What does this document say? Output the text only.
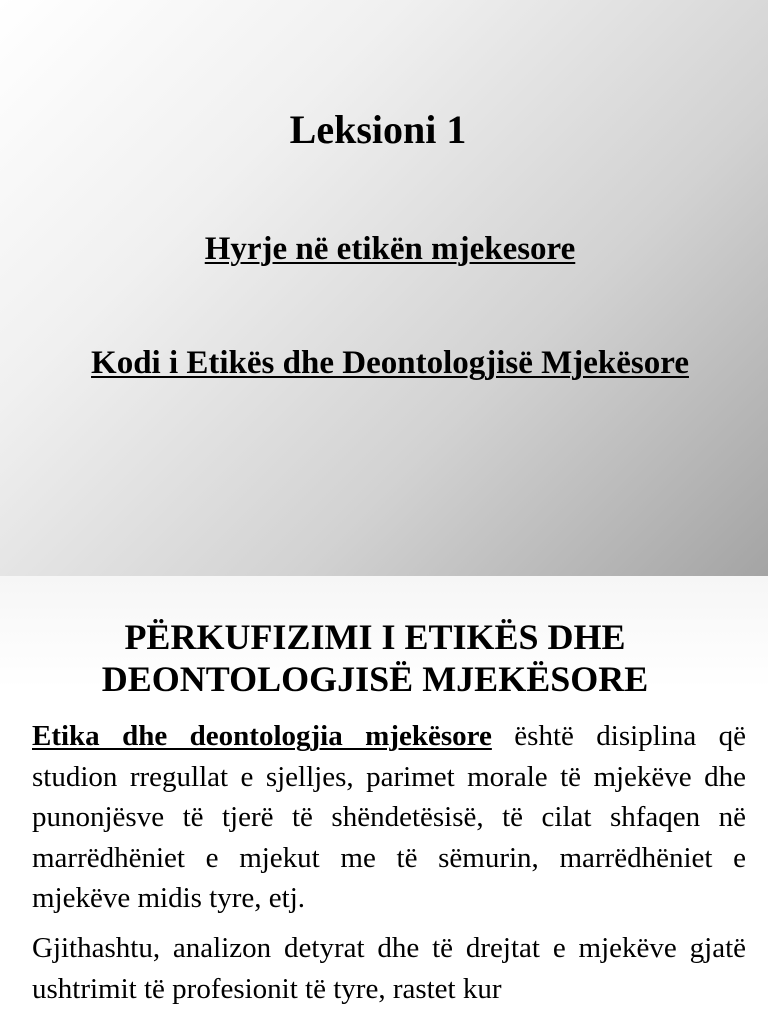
Leksioni 1
Hyrje në etikën mjekesore
Kodi i Etikës dhe Deontologjisë Mjekësore
PËRKUFIZIMI I ETIKËS DHE
DEONTOLOGJISË MJEKËSORE
Etika dhe deontologjia mjekësore është disiplina që studion rregullat e sjelljes, parimet morale të mjekëve dhe punonjësve të tjerë të shëndetësisë, të cilat shfaqen në marrëdhëniet e mjekut me të sëmurin, marrëdhëniet e mjekëve midis tyre, etj.
Gjithashtu, analizon detyrat dhe të drejtat e mjekëve gjatë ushtrimit të profesionit të tyre, rastet kur
